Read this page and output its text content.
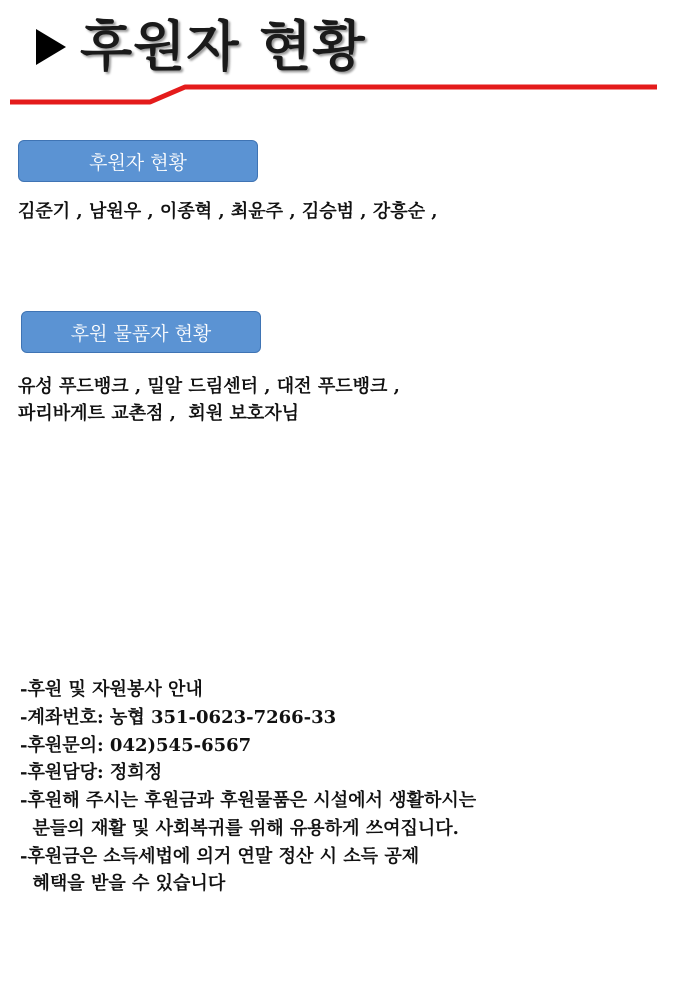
후원자 현황
후원자 현황
김준기 , 남원우 , 이종혁 , 최윤주 , 김승범 , 강흥순 ,
후원 물품자 현황
유성 푸드뱅크 , 밀알 드림센터 , 대전 푸드뱅크 ,
파리바게트 교촌점 ,  회원 보호자님
-후원 및 자원봉사 안내
-계좌번호: 농협 351-0623-7266-33
-후원문의: 042)545-6567
-후원담당: 정희정
-후원해 주시는 후원금과 후원물품은 시설에서 생활하시는
분들의 재활 및 사회복귀를 위해 유용하게 쓰여집니다.
-후원금은 소득세법에 의거 연말 정산 시 소득 공제
혜택을 받을 수 있습니다
